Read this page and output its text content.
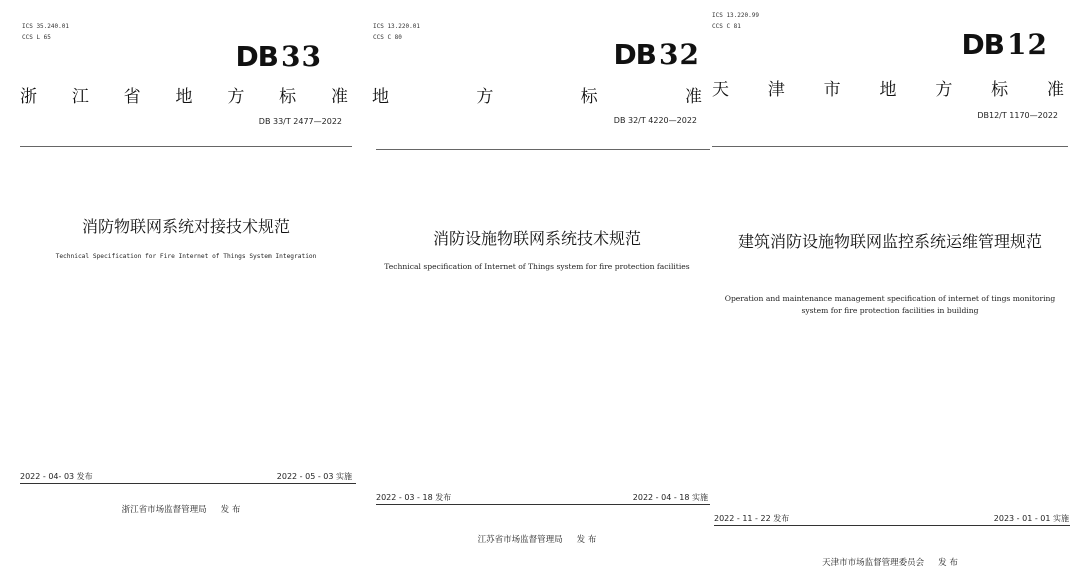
ICS 35.240.01
CCS L 65
DB 33
浙 江 省 地 方 标 准
DB 33/T 2477—2022
消防物联网系统对接技术规范
Technical Specification for Fire Internet of Things System Integration
2022 - 04- 03 发布	2022 - 05 - 03 实施
浙江省市场监督管理局 发 布
ICS 13.220.01
CCS C 80
DB 32
地	方	标	准
DB 32/T 4220—2022
消防设施物联网系统技术规范
Technical specification of Internet of Things system for fire protection facilities
2022 - 03 - 18 发布	2022 - 04 - 18 实施
江苏省市场监督管理局 发 布
ICS 13.220.99
CCS C 81
DB 12
天 津 市 地 方 标 准
DB12/T 1170—2022
建筑消防设施物联网监控系统运维管理规范
Operation and maintenance management specification of internet of tings monitoring system for fire protection facilities in building
2022 - 11 - 22 发布	2023 - 01 - 01 实施
天津市市场监督管理委员会 发 布
